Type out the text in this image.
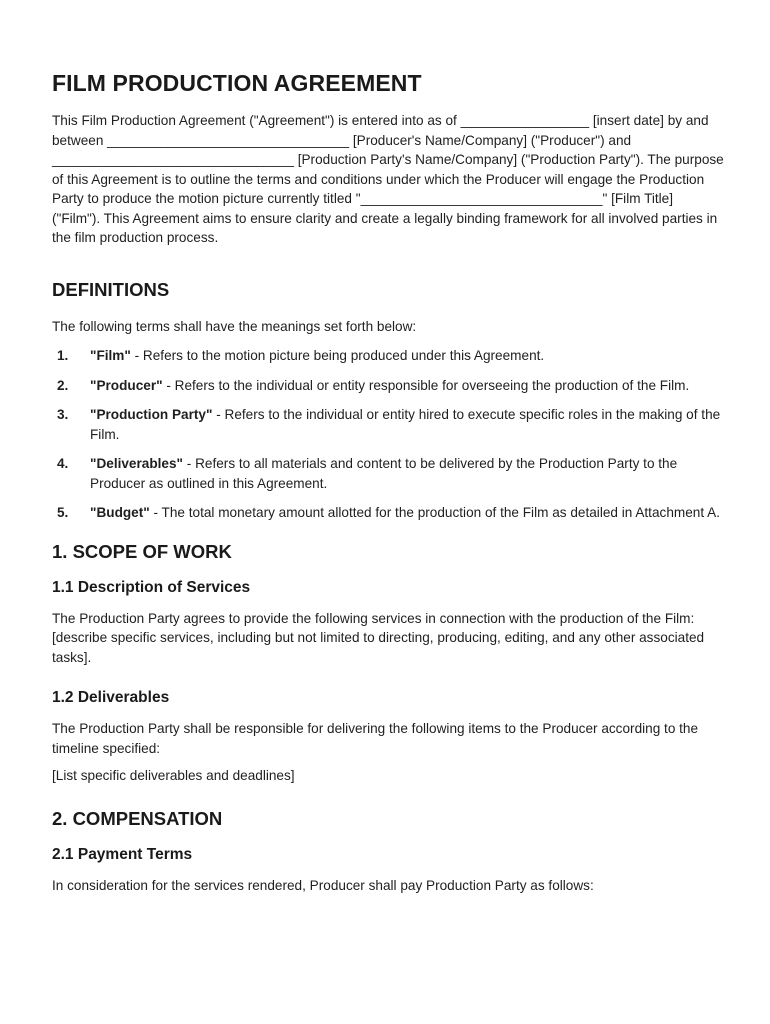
FILM PRODUCTION AGREEMENT

This Film Production Agreement ("Agreement") is entered into as of _________________ [insert date] by and between ________________________________ [Producer's Name/Company] ("Producer") and ________________________________ [Production Party's Name/Company] ("Production Party"). The purpose of this Agreement is to outline the terms and conditions under which the Producer will engage the Production Party to produce the motion picture currently titled "________________________________" [Film Title] ("Film"). This Agreement aims to ensure clarity and create a legally binding framework for all involved parties in the film production process.

DEFINITIONS

The following terms shall have the meanings set forth below:

1. "Film" - Refers to the motion picture being produced under this Agreement.
2. "Producer" - Refers to the individual or entity responsible for overseeing the production of the Film.
3. "Production Party" - Refers to the individual or entity hired to execute specific roles in the making of the Film.
4. "Deliverables" - Refers to all materials and content to be delivered by the Production Party to the Producer as outlined in this Agreement.
5. "Budget" - The total monetary amount allotted for the production of the Film as detailed in Attachment A.
1. SCOPE OF WORK
1.1 Description of Services

The Production Party agrees to provide the following services in connection with the production of the Film: [describe specific services, including but not limited to directing, producing, editing, and any other associated tasks].

1.2 Deliverables

The Production Party shall be responsible for delivering the following items to the Producer according to the timeline specified:

[List specific deliverables and deadlines]

2. COMPENSATION
2.1 Payment Terms

In consideration for the services rendered, Producer shall pay Production Party as follows:
